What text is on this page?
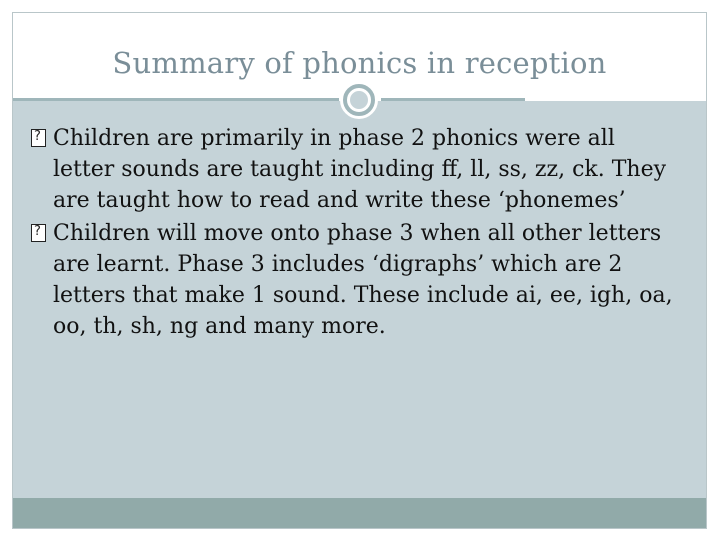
Summary of phonics in reception
?
Children are primarily in phase 2 phonics were all letter sounds are taught including ff, ll, ss, zz, ck. They are taught how to read and write these ‘phonemes’
?
Children will move onto phase 3 when all other letters are learnt. Phase 3 includes ‘digraphs’ which are 2 letters that make 1 sound. These include ai, ee, igh, oa, oo, th, sh, ng and many more.
